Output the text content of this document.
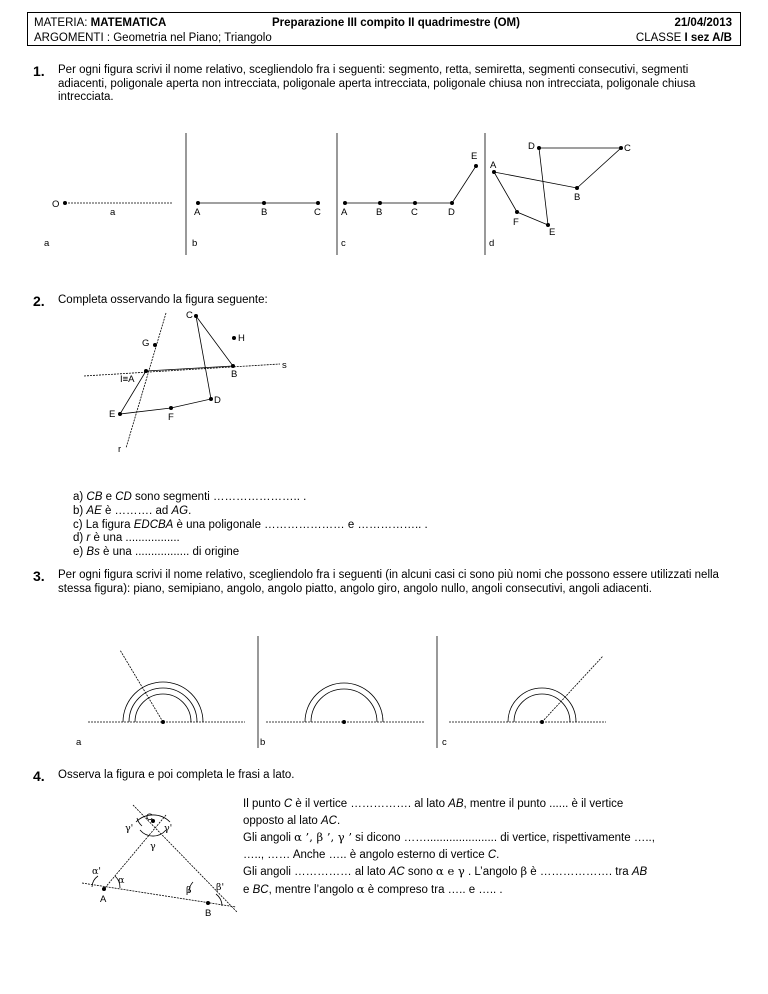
MATERIA: MATEMATICA
ARGOMENTI : Geometria nel Piano; Triangolo
Preparazione III compito II quadrimestre (OM)	21/04/2013
CLASSE I sez A/B
1. Per ogni figura scrivi il nome relativo, scegliendolo fra i seguenti: segmento, retta, semiretta, segmenti consecutivi, segmenti adiacenti, poligonale aperta non intrecciata, poligonale aperta intrecciata, poligonale chiusa non intrecciata, poligonale chiusa intrecciata.
O
a
a
A	B	C
b
A	B	C	D
E
c
D	C
A
B
F
E
d
2. Completa osservando la figura seguente:
C
H
G
s
B
I≡A
D
E	F
r
a) CB e CD sono segmenti ………………….. .
b) AE è ………. ad AG.
c) La figura EDCBA è una poligonale ………………… e …………….. .
d) r è una .................
e) Bs è una ................. di origine
3. Per ogni figura scrivi il nome relativo, scegliendolo fra i seguenti (in alcuni casi ci sono più nomi che possono essere utilizzati nella stessa figura): piano, semipiano, angolo, angolo piatto, angolo giro, angolo nullo, angoli consecutivi, angoli adiacenti.
a	b	c
4. Osserva la figura e poi completa le frasi a lato.
C
A
B
γ'	γ'
γ
α'
α
β	β'
Il punto C è il vertice ……………. al lato AB, mentre il punto ...... è il vertice
opposto al lato AC.
Gli angoli α ’, β ’, γ ’ si dicono ……...................... di vertice, rispettivamente …..,
….., …… Anche ….. è angolo esterno di vertice C.
Gli angoli …………… al lato AC sono α e γ . L’angolo β è ………………. tra AB
e BC, mentre l’angolo α è compreso tra ….. e ….. .
